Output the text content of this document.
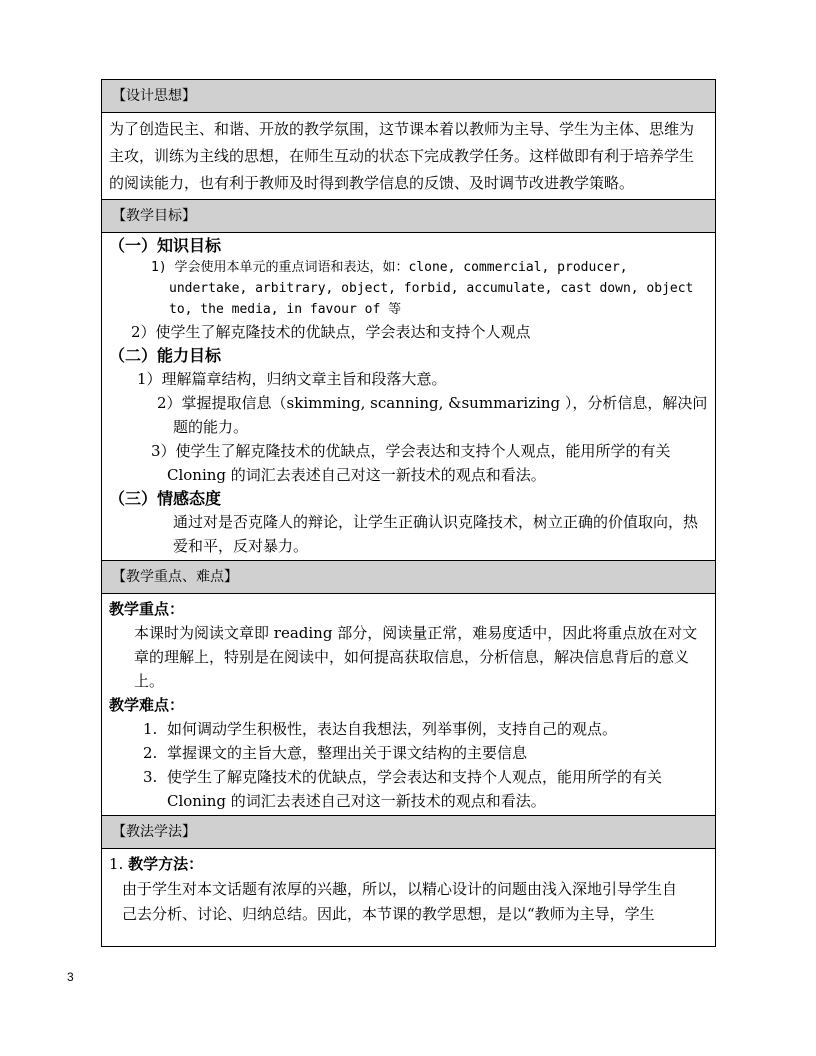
【设计思想】

为了创造民主、和谐、开放的教学氛围，这节课本着以教师为主导、学生为主体、思维为主攻，训练为主线的思想，在师生互动的状态下完成教学任务。这样做即有利于培养学生的阅读能力，也有利于教师及时得到教学信息的反馈、及时调节改进教学策略。

【教学目标】

（一）知识目标

1) 学会使用本单元的重点词语和表达，如：clone, commercial, producer, undertake, arbitrary, object, forbid, accumulate, cast down, object to, the media, in favour of 等

2）使学生了解克隆技术的优缺点，学会表达和支持个人观点

（二）能力目标

1）理解篇章结构，归纳文章主旨和段落大意。

2）掌握提取信息（skimming, scanning, &summarizing ），分析信息，解决问题的能力。

3）使学生了解克隆技术的优缺点，学会表达和支持个人观点，能用所学的有关 Cloning 的词汇去表述自己对这一新技术的观点和看法。

（三）情感态度

通过对是否克隆人的辩论，让学生正确认识克隆技术，树立正确的价值取向，热爱和平，反对暴力。

【教学重点、难点】

教学重点：

本课时为阅读文章即 reading 部分，阅读量正常，难易度适中，因此将重点放在对文章的理解上，特别是在阅读中，如何提高获取信息，分析信息，解决信息背后的意义上。

教学难点：

1. 如何调动学生积极性，表达自我想法，列举事例，支持自己的观点。

2. 掌握课文的主旨大意，整理出关于课文结构的主要信息

3. 使学生了解克隆技术的优缺点，学会表达和支持个人观点，能用所学的有关 Cloning 的词汇去表述自己对这一新技术的观点和看法。

【教法学法】

1. 教学方法：

由于学生对本文话题有浓厚的兴趣，所以，以精心设计的问题由浅入深地引导学生自

己去分析、讨论、归纳总结。因此，本节课的教学思想，是以“教师为主导，学生

3
